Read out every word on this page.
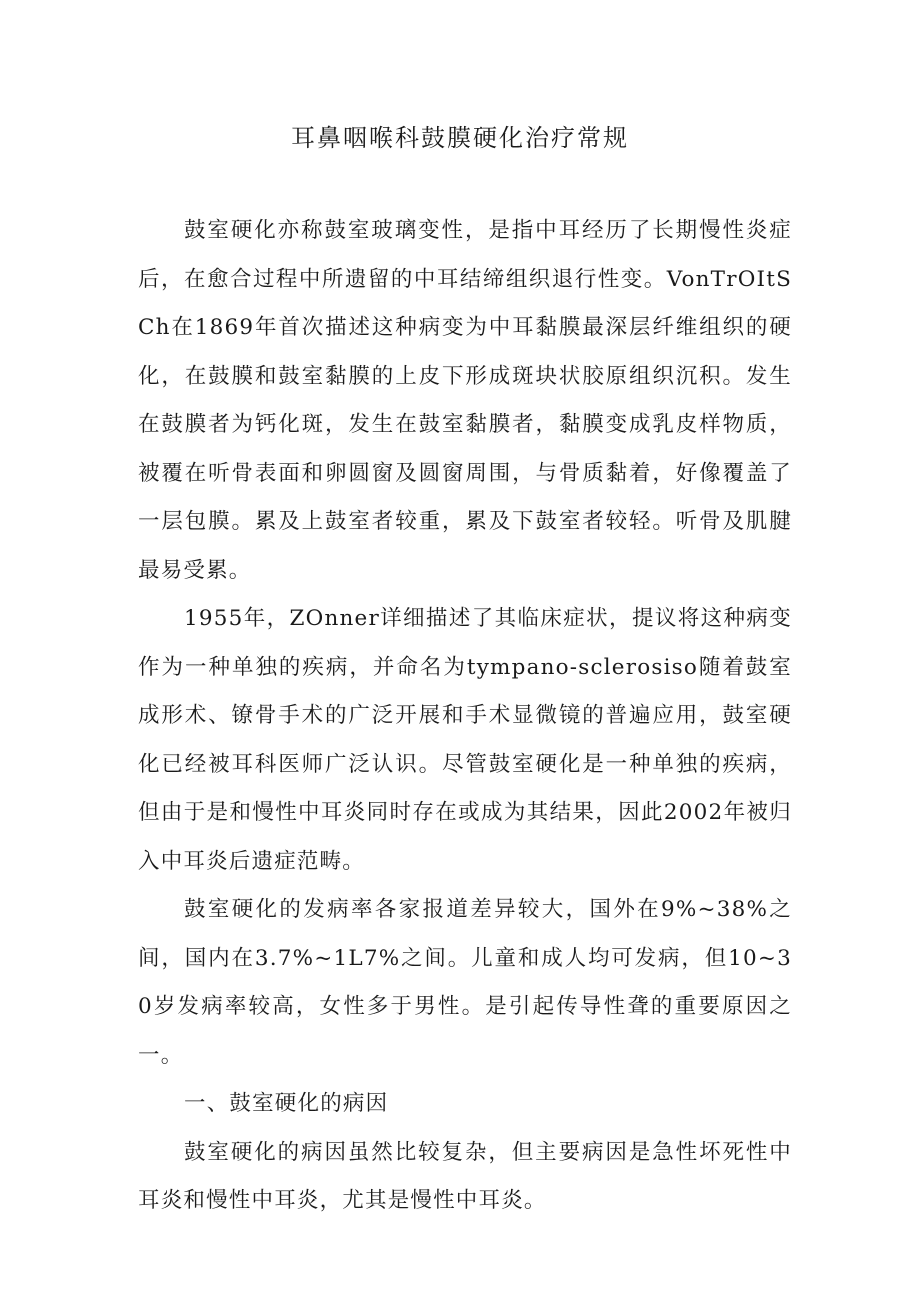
耳鼻咽喉科鼓膜硬化治疗常规

鼓室硬化亦称鼓室玻璃变性，是指中耳经历了长期慢性炎症后，在愈合过程中所遗留的中耳结缔组织退行性变。VonTrOItSCh在1869年首次描述这种病变为中耳黏膜最深层纤维组织的硬化，在鼓膜和鼓室黏膜的上皮下形成斑块状胶原组织沉积。发生在鼓膜者为钙化斑，发生在鼓室黏膜者，黏膜变成乳皮样物质，被覆在听骨表面和卵圆窗及圆窗周围，与骨质黏着，好像覆盖了一层包膜。累及上鼓室者较重，累及下鼓室者较轻。听骨及肌腱最易受累。

1955年，ZOnner详细描述了其临床症状，提议将这种病变作为一种单独的疾病，并命名为tympano-sclerosiso随着鼓室成形术、镣骨手术的广泛开展和手术显微镜的普遍应用，鼓室硬化已经被耳科医师广泛认识。尽管鼓室硬化是一种单独的疾病，但由于是和慢性中耳炎同时存在或成为其结果，因此2002年被归入中耳炎后遗症范畴。

鼓室硬化的发病率各家报道差异较大，国外在9%~38%之间，国内在3.7%~1L7%之间。儿童和成人均可发病，但10~30岁发病率较高，女性多于男性。是引起传导性聋的重要原因之一。

一、鼓室硬化的病因

鼓室硬化的病因虽然比较复杂，但主要病因是急性坏死性中耳炎和慢性中耳炎，尤其是慢性中耳炎。
